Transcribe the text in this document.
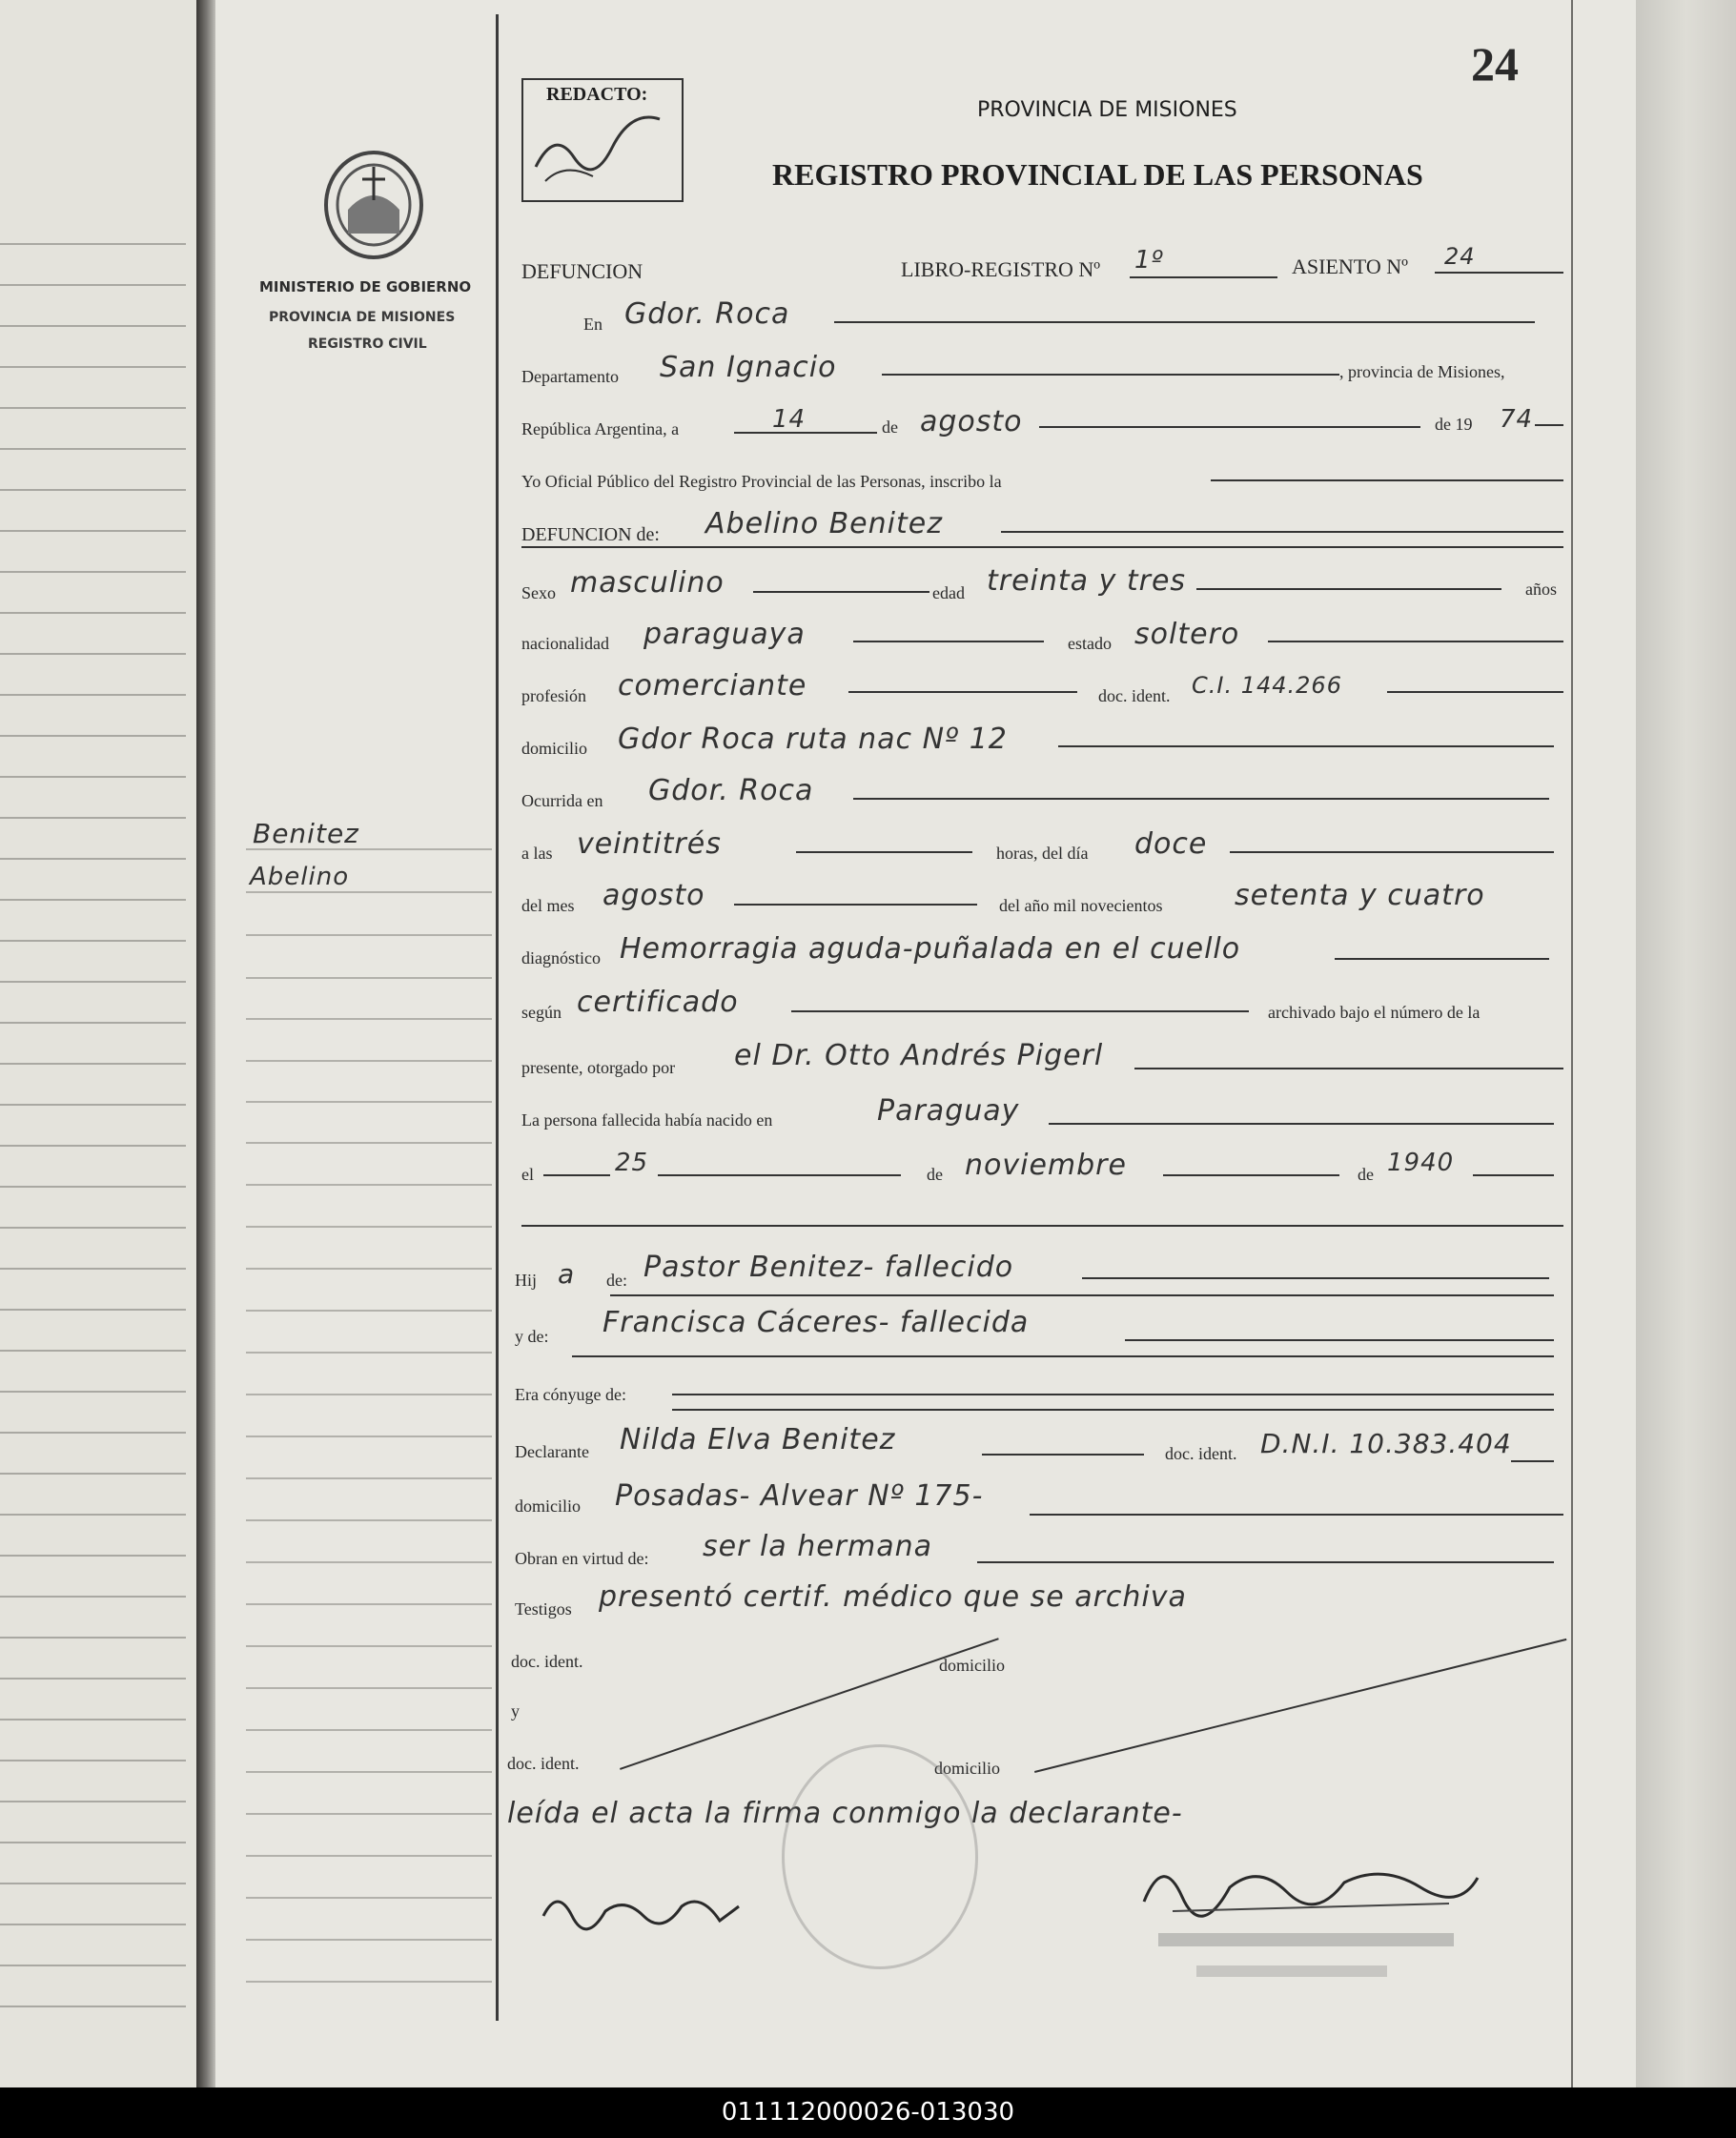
MINISTERIO DE GOBIERNO
PROVINCIA DE MISIONES
REGISTRO CIVIL
24
REDACTO:
PROVINCIA DE MISIONES
REGISTRO PROVINCIAL DE LAS PERSONAS
DEFUNCION	LIBRO-REGISTRO Nº 1º	ASIENTO Nº 24
En Gdor. Roca
Departamento San Ignacio	, provincia de Misiones,
República Argentina, a	14	de agosto	de 19 74
Yo Oficial Público del Registro Provincial de las Personas, inscribo la
DEFUNCION de: Abelino Benitez
Sexo masculino	edad treinta y tres	años
nacionalidad paraguaya	estado soltero
profesión comerciante	doc. ident. C.I. 144.266
domicilio Gdor Roca ruta nac Nº 12
Ocurrida en Gdor. Roca
a las veintitrés	horas, del día doce
del mes agosto	del año mil novecientos	setenta y cuatro
diagnóstico Hemorragia aguda-puñalada en el cuello
según certificado	archivado bajo el número de la
presente, otorgado por el Dr. Otto Andrés Pigerl
La persona fallecida había nacido en	Paraguay
el	25	de noviembre	de 1940
Hij a de: Pastor Benitez- fallecido
y de: Francisca Cáceres- fallecida
Era cónyuge de:
Declarante Nilda Elva Benitez	doc. ident. D.N.I. 10.383.404
domicilio Posadas- Alvear Nº 175-
Obran en virtud de: ser la hermana
Testigos presentó certif. médico que se archiva
doc. ident.	domicilio
y
doc. ident.	domicilio
leída el acta la firma conmigo la declarante-
011112000026-013030
Benitez
Abelino
